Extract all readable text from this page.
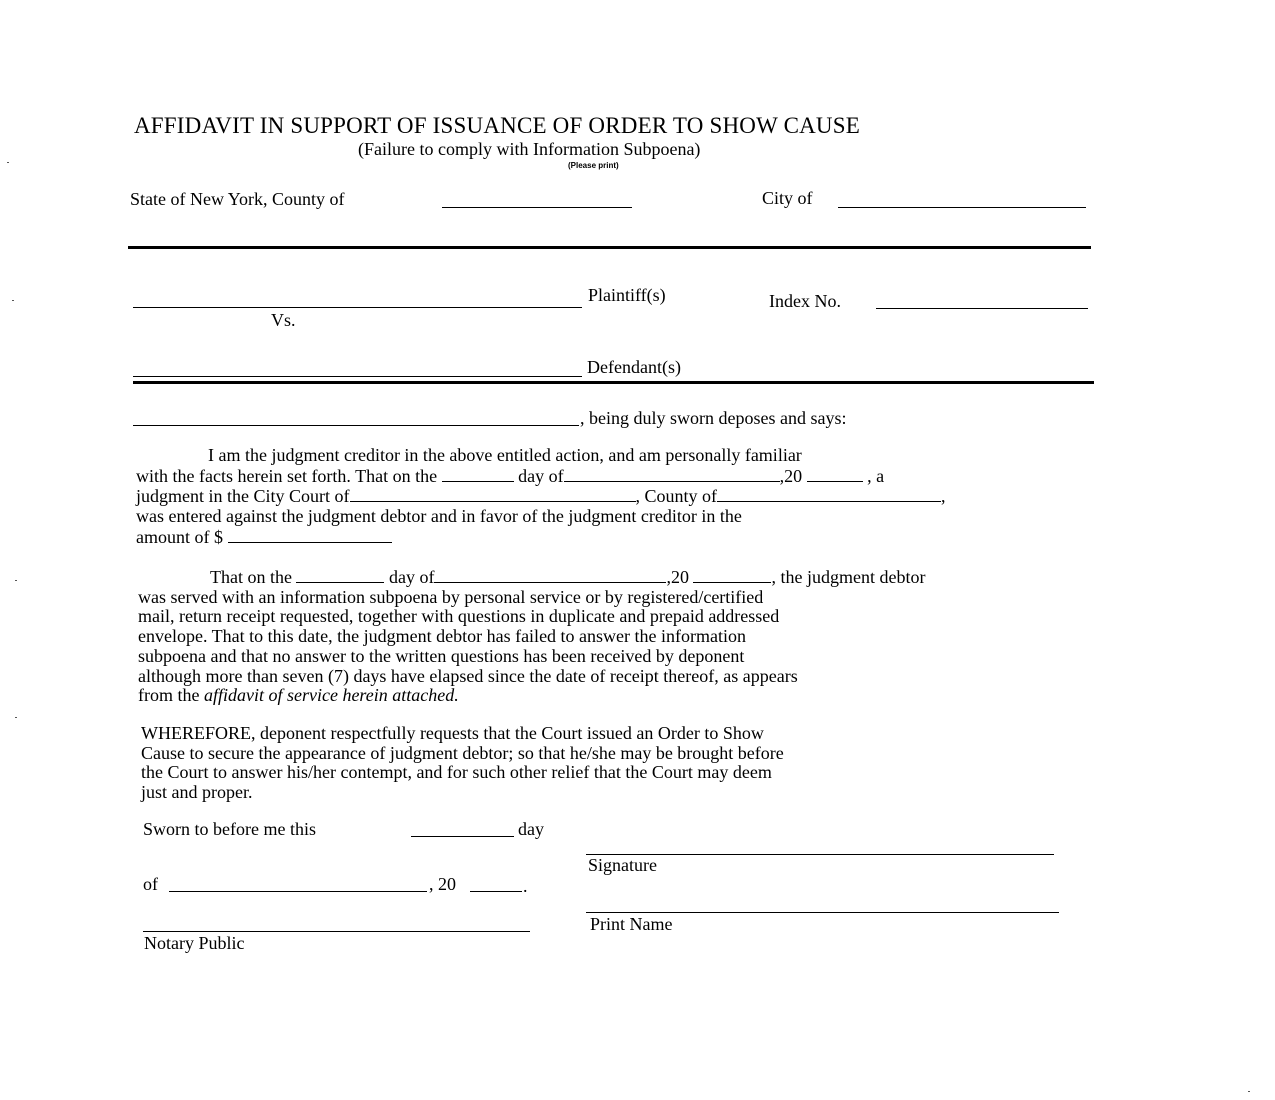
AFFIDAVIT IN SUPPORT OF ISSUANCE OF ORDER TO SHOW CAUSE
(Failure to comply with Information Subpoena)
(Please print)
State of New York, County of	City of
Plaintiff(s)	Index No.
Vs.
Defendant(s)
, being duly sworn deposes and says:
I am the judgment creditor in the above entitled action, and am personally familiar
with the facts herein set forth. That on the	day of	,20	, a
judgment in the City Court of	, County of	,
was entered against the judgment debtor and in favor of the judgment creditor in the
amount of $
That on the	day of	,20	, the judgment debtor
was served with an information subpoena by personal service or by registered/certified
mail, return receipt requested, together with questions in duplicate and prepaid addressed
envelope. That to this date, the judgment debtor has failed to answer the information
subpoena and that no answer to the written questions has been received by deponent
although more than seven (7) days have elapsed since the date of receipt thereof, as appears
from the affidavit of service herein attached.
WHEREFORE, deponent respectfully requests that the Court issued an Order to Show
Cause to secure the appearance of judgment debtor; so that he/she may be brought before
the Court to answer his/her contempt, and for such other relief that the Court may deem
just and proper.
Sworn to before me this	day
of	, 20	.
Notary Public
Signature
Print Name
